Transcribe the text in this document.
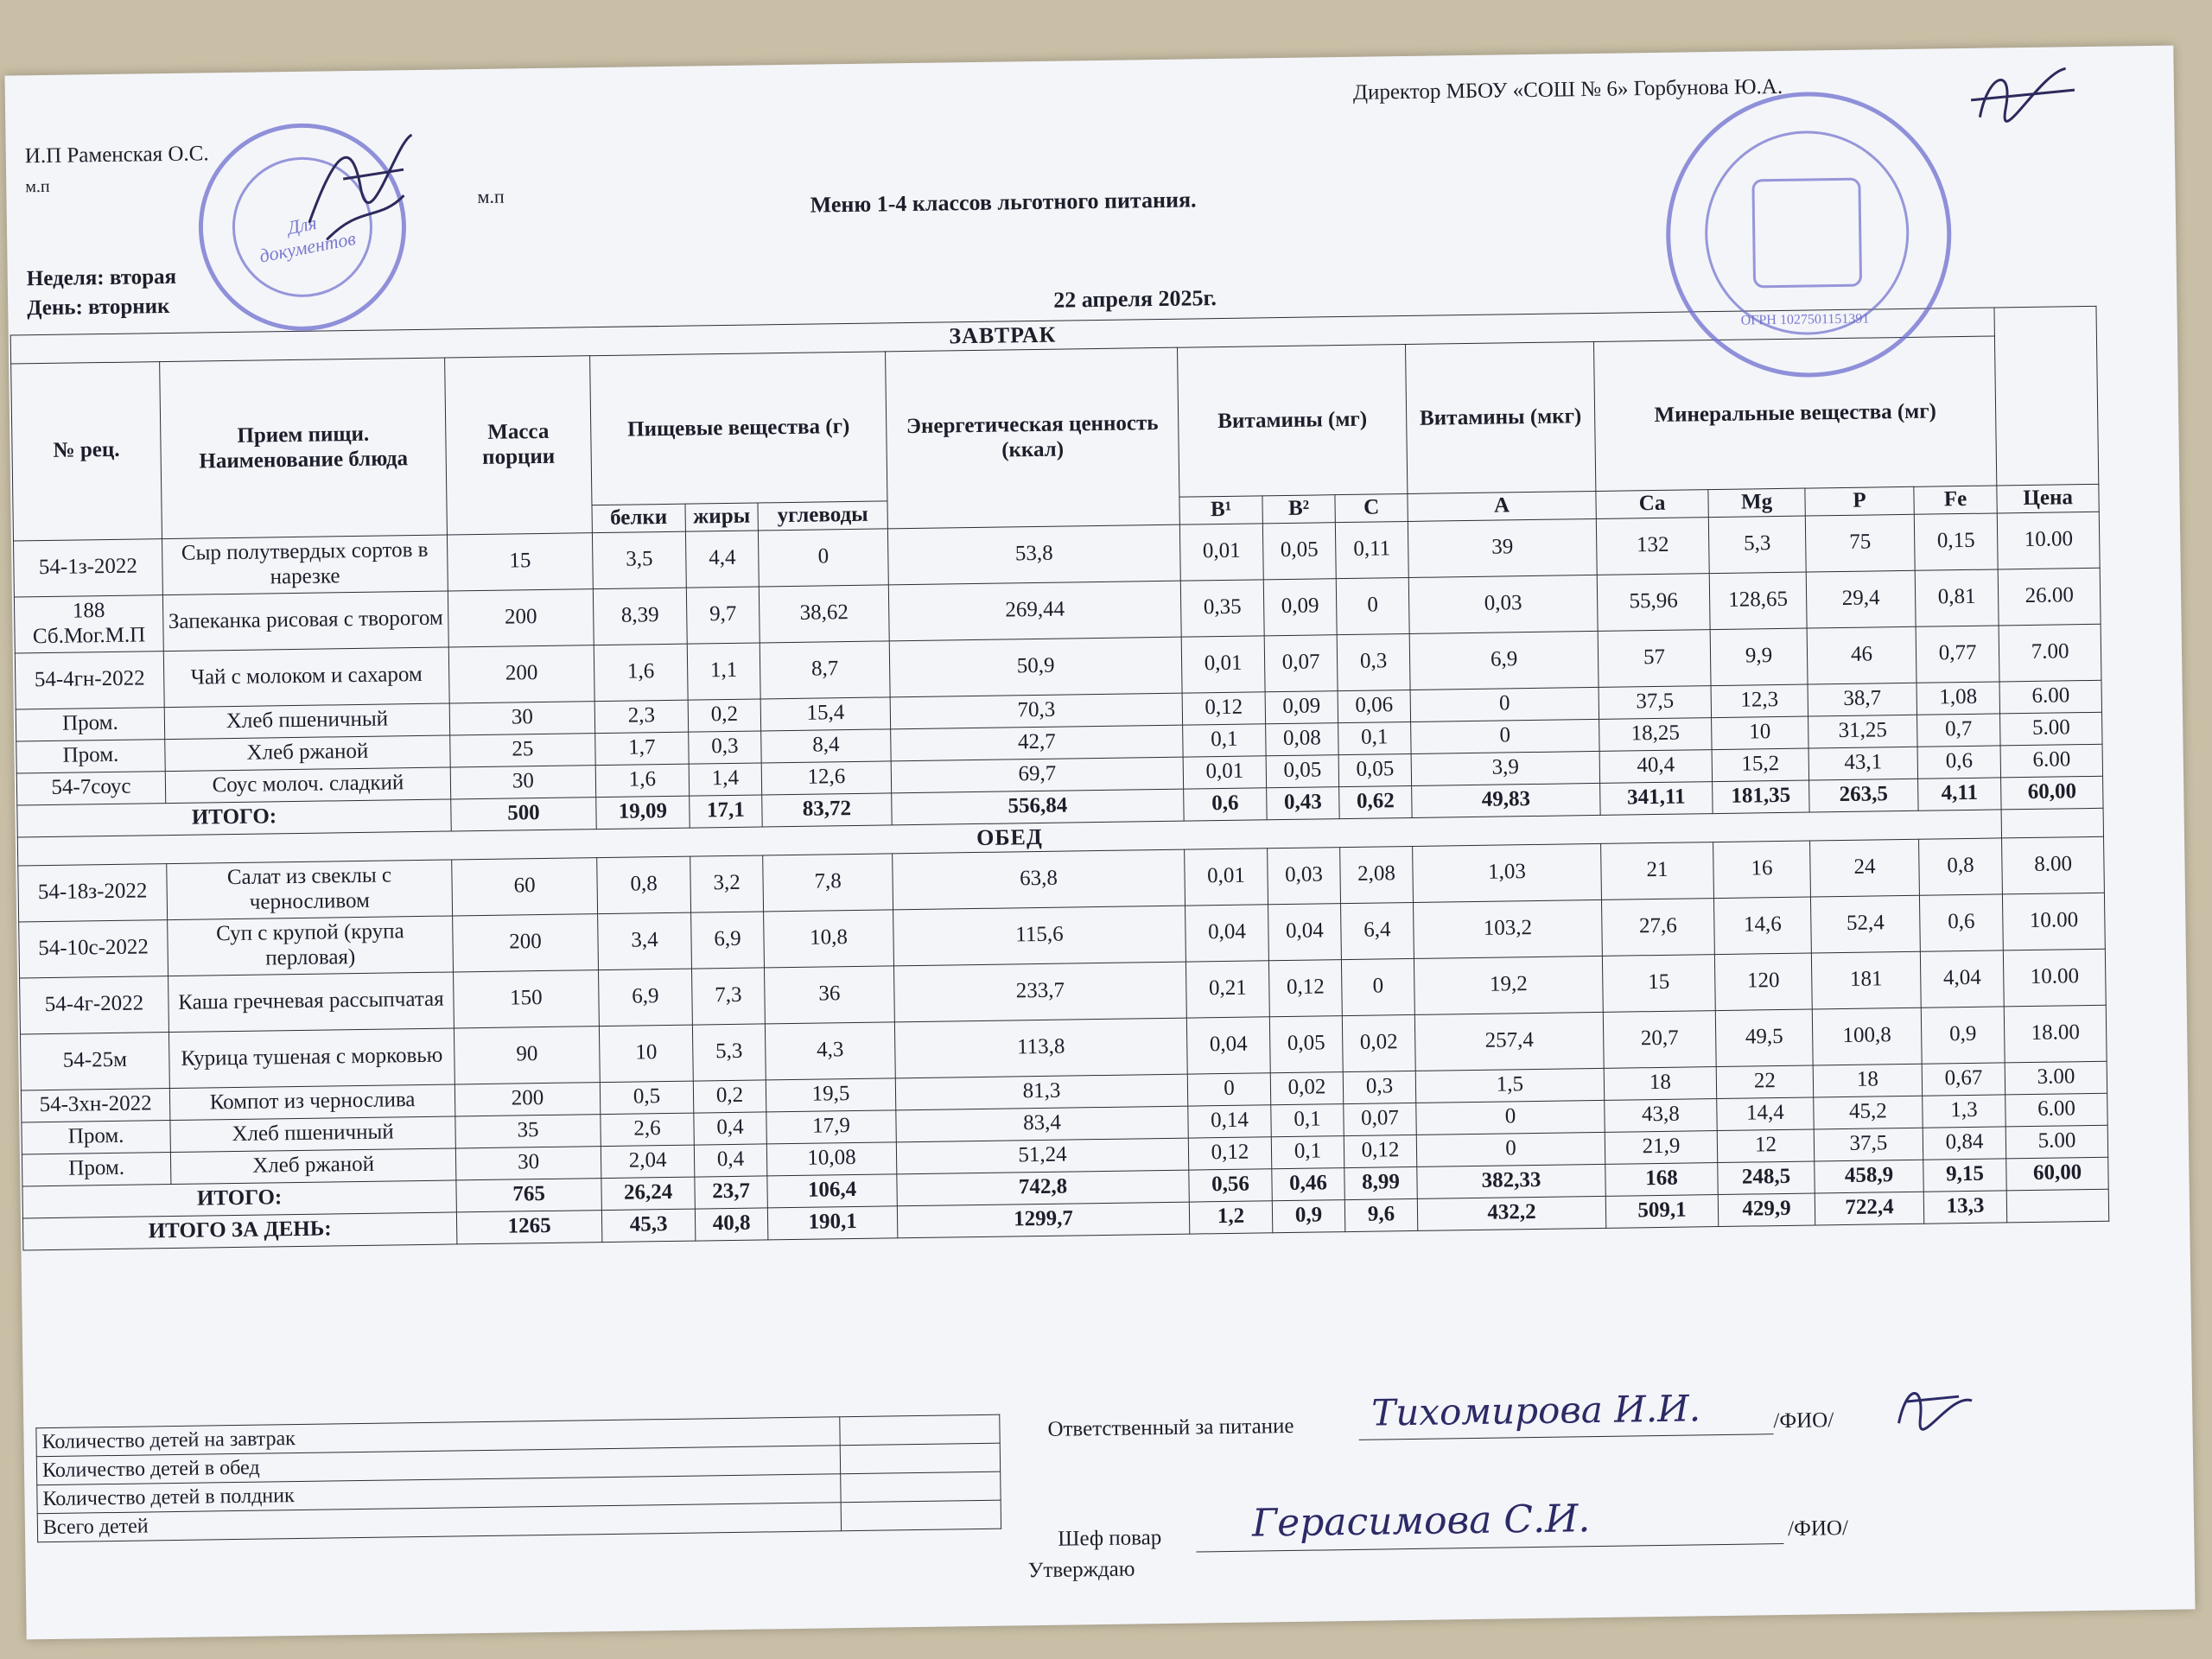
Директор МБОУ «СОШ № 6» Горбунова Ю.А.
И.П Раменская О.С.
м.п	м.п	Меню 1-4 классов льготного питания.
Неделя: вторая
День: вторник	22 апреля 2025г.
ЗАВТРАК															
№ рец.	Прием пищи. Наименование блюда	Масса порции	Пищевые вещества (г)			Энергетическая ценность (ккал)	Витамины (мг)			Витамины (мкг)	Минеральные вещества (мг)				

			белки	жиры	углеводы		B¹	B²	C	A	Ca	Mg	P	Fe	Цена
54-1з-2022	Сыр полутвердых сортов в нарезке	15	3,5	4,4	0	53,8	0,01	0,05	0,11	39	132	5,3	75	0,15	10.00
188 Сб.Мог.М.П	Запеканка рисовая с творогом	200	8,39	9,7	38,62	269,44	0,35	0,09	0	0,03	55,96	128,65	29,4	0,81	26.00
54-4гн-2022	Чай с молоком и сахаром	200	1,6	1,1	8,7	50,9	0,01	0,07	0,3	6,9	57	9,9	46	0,77	7.00
Пром.	Хлеб пшеничный	30	2,3	0,2	15,4	70,3	0,12	0,09	0,06	0	37,5	12,3	38,7	1,08	6.00
Пром.	Хлеб ржаной	25	1,7	0,3	8,4	42,7	0,1	0,08	0,1	0	18,25	10	31,25	0,7	5.00
54-7соус	Соус молоч. сладкий	30	1,6	1,4	12,6	69,7	0,01	0,05	0,05	3,9	40,4	15,2	43,1	0,6	6.00
ИТОГО:		500	19,09	17,1	83,72	556,84	0,6	0,43	0,62	49,83	341,11	181,35	263,5	4,11	60,00
ОБЕД															
54-18з-2022	Салат из свеклы с черносливом	60	0,8	3,2	7,8	63,8	0,01	0,03	2,08	1,03	21	16	24	0,8	8.00
54-10с-2022	Суп с крупой (крупа перловая)	200	3,4	6,9	10,8	115,6	0,04	0,04	6,4	103,2	27,6	14,6	52,4	0,6	10.00
54-4г-2022	Каша гречневая рассыпчатая	150	6,9	7,3	36	233,7	0,21	0,12	0	19,2	15	120	181	4,04	10.00
54-25м	Курица тушеная с морковью	90	10	5,3	4,3	113,8	0,04	0,05	0,02	257,4	20,7	49,5	100,8	0,9	18.00
54-3хн-2022	Компот из чернослива	200	0,5	0,2	19,5	81,3	0	0,02	0,3	1,5	18	22	18	0,67	3.00
Пром.	Хлеб пшеничный	35	2,6	0,4	17,9	83,4	0,14	0,1	0,07	0	43,8	14,4	45,2	1,3	6.00
Пром.	Хлеб ржаной	30	2,04	0,4	10,08	51,24	0,12	0,1	0,12	0	21,9	12	37,5	0,84	5.00
ИТОГО:		765	26,24	23,7	106,4	742,8	0,56	0,46	8,99	382,33	168	248,5	458,9	9,15	60,00
ИТОГО ЗА ДЕНЬ:		1265	45,3	40,8	190,1	1299,7	1,2	0,9	9,6	432,2	509,1	429,9	722,4	13,3	
Для документов
ОГРН 1027501151391
Количество детей на завтрак	
Количество детей в обед	
Количество детей в полдник	
Всего детей	
Ответственный за питание Тихомирова И.И.	/ФИО/
Шеф повар Герасимова С.И.	/ФИО/
Утверждаю
